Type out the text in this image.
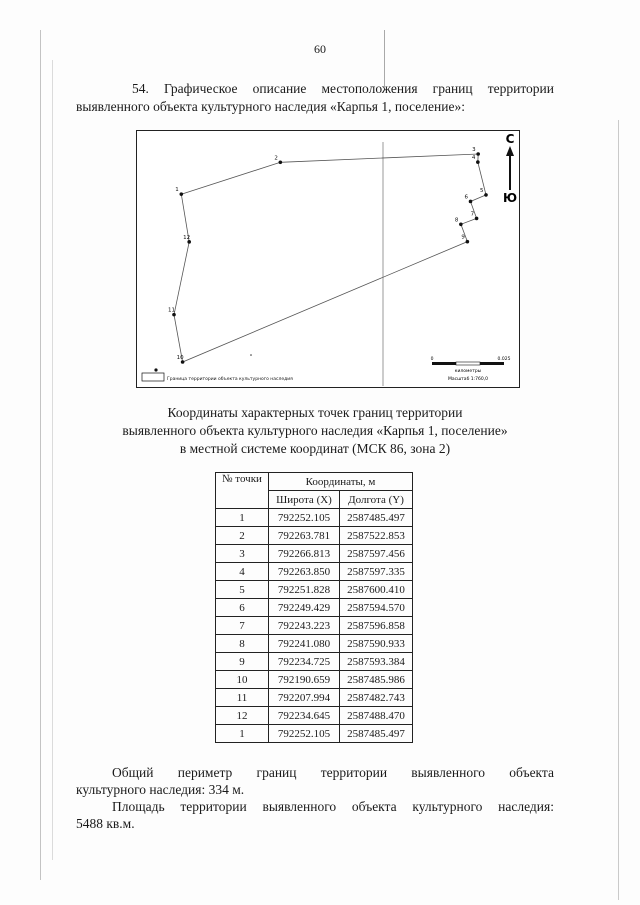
60
54. Графическое описание местоположения границ территории
выявленного объекта культурного наследия «Карпья 1, поселение»:
1
2
3
4
5
6
7
8
9
10
11
12
С
Ю
Граница территории объекта культурного наследия
0	0.025
километры
Масштаб 1:760,0
Координаты характерных точек границ территории
выявленного объекта культурного наследия «Карпья 1, поселение»
в местной системе координат (МСК 86, зона 2)
№ точки	Координаты, м	
	Широта (Х)	Долгота (Y)
1	792252.105	2587485.497
2	792263.781	2587522.853
3	792266.813	2587597.456
4	792263.850	2587597.335
5	792251.828	2587600.410
6	792249.429	2587594.570
7	792243.223	2587596.858
8	792241.080	2587590.933
9	792234.725	2587593.384
10	792190.659	2587485.986
11	792207.994	2587482.743
12	792234.645	2587488.470
1	792252.105	2587485.497
Общий периметр границ территории выявленного объекта
культурного наследия: 334 м.
Площадь территории выявленного объекта культурного наследия:
5488 кв.м.
